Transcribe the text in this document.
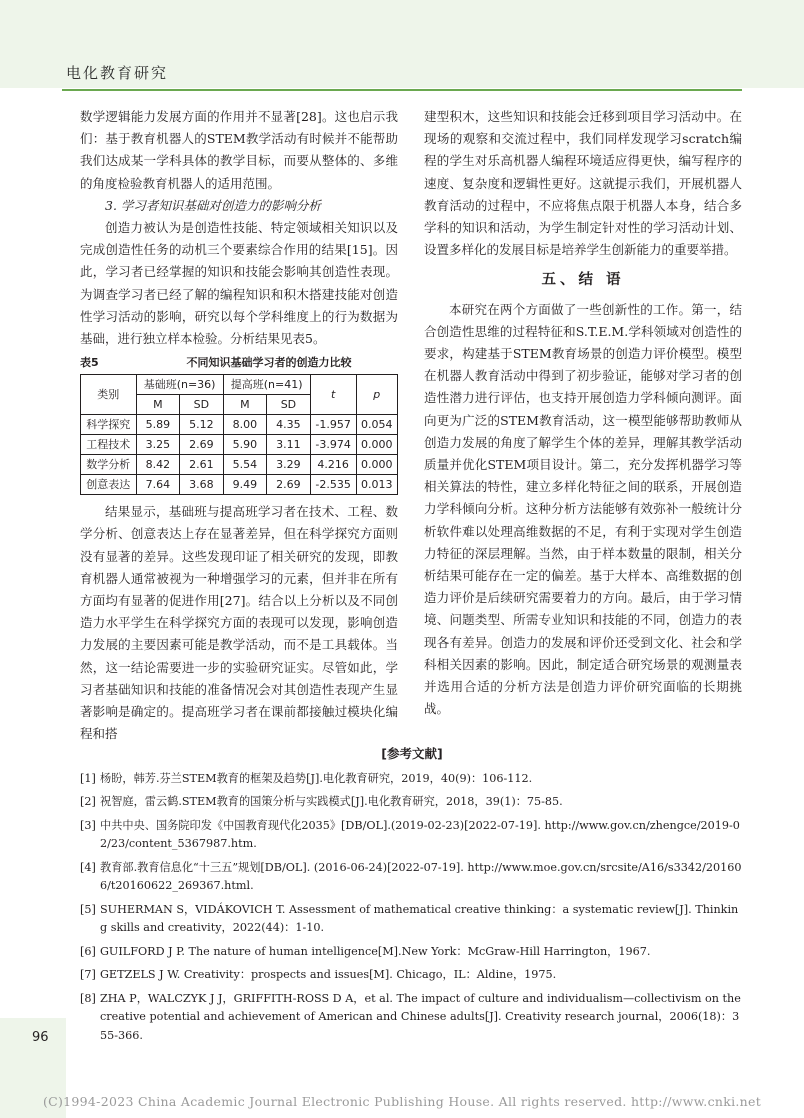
电化教育研究

数学逻辑能力发展方面的作用并不显著[28]。这也启示我们：基于教育机器人的STEM教学活动有时候并不能帮助我们达成某一学科具体的教学目标，而要从整体的、多维的角度检验教育机器人的适用范围。

3. 学习者知识基础对创造力的影响分析

创造力被认为是创造性技能、特定领域相关知识以及完成创造性任务的动机三个要素综合作用的结果[15]。因此，学习者已经掌握的知识和技能会影响其创造性表现。为调查学习者已经了解的编程知识和积木搭建技能对创造性学习活动的影响，研究以每个学科维度上的行为数据为基础，进行独立样本检验。分析结果见表5。

表5	不同知识基础学习者的创造力比较
类别	基础班(n=36)		提高班(n=41)		t	p
	M	SD	M	SD		
科学探究	5.89	5.12	8.00	4.35	-1.957	0.054
工程技术	3.25	2.69	5.90	3.11	-3.974	0.000
数学分析	8.42	2.61	5.54	3.29	4.216	0.000
创意表达	7.64	3.68	9.49	2.69	-2.535	0.013

结果显示，基础班与提高班学习者在技术、工程、数学分析、创意表达上存在显著差异，但在科学探究方面则没有显著的差异。这些发现印证了相关研究的发现，即教育机器人通常被视为一种增强学习的元素，但并非在所有方面均有显著的促进作用[27]。结合以上分析以及不同创造力水平学生在科学探究方面的表现可以发现，影响创造力发展的主要因素可能是教学活动，而不是工具载体。当然，这一结论需要进一步的实验研究证实。尽管如此，学习者基础知识和技能的准备情况会对其创造性表现产生显著影响是确定的。提高班学习者在课前都接触过模块化编程和搭

建型积木，这些知识和技能会迁移到项目学习活动中。在现场的观察和交流过程中，我们同样发现学习scratch编程的学生对乐高机器人编程环境适应得更快，编写程序的速度、复杂度和逻辑性更好。这就提示我们，开展机器人教育活动的过程中，不应将焦点限于机器人本身，结合多学科的知识和活动，为学生制定针对性的学习活动计划、设置多样化的发展目标是培养学生创新能力的重要举措。

五、结 语

本研究在两个方面做了一些创新性的工作。第一，结合创造性思维的过程特征和S.T.E.M.学科领域对创造性的要求，构建基于STEM教育场景的创造力评价模型。模型在机器人教育活动中得到了初步验证，能够对学习者的创造性潜力进行评估，也支持开展创造力学科倾向测评。面向更为广泛的STEM教育活动，这一模型能够帮助教师从创造力发展的角度了解学生个体的差异，理解其教学活动质量并优化STEM项目设计。第二，充分发挥机器学习等相关算法的特性，建立多样化特征之间的联系，开展创造力学科倾向分析。这种分析方法能够有效弥补一般统计分析软件难以处理高维数据的不足，有利于实现对学生创造力特征的深层理解。当然，由于样本数量的限制，相关分析结果可能存在一定的偏差。基于大样本、高维数据的创造力评价是后续研究需要着力的方向。最后，由于学习情境、问题类型、所需专业知识和技能的不同，创造力的表现各有差异。创造力的发展和评价还受到文化、社会和学科相关因素的影响。因此，制定适合研究场景的观测量表并选用合适的分析方法是创造力评价研究面临的长期挑战。

[参考文献]
[1] 杨盼，韩芳.芬兰STEM教育的框架及趋势[J].电化教育研究，2019，40(9)：106-112.
[2] 祝智庭，雷云鹤.STEM教育的国策分析与实践模式[J].电化教育研究，2018，39(1)：75-85.
[3] 中共中央、国务院印发《中国教育现代化2035》[DB/OL].(2019-02-23)[2022-07-19]. http://www.gov.cn/zhengce/2019-02/23/content_5367987.htm.
[4] 教育部.教育信息化“十三五”规划[DB/OL]. (2016-06-24)[2022-07-19]. http://www.moe.gov.cn/srcsite/A16/s3342/201606/t20160622_269367.html.
[5] SUHERMAN S，VIDÁKOVICH T. Assessment of mathematical creative thinking：a systematic review[J]. Thinking skills and creativity，2022(44)：1-10.
[6] GUILFORD J P. The nature of human intelligence[M].New York：McGraw-Hill Harrington，1967.
[7] GETZELS J W. Creativity：prospects and issues[M]. Chicago，IL：Aldine，1975.
[8] ZHA P，WALCZYK J J，GRIFFITH-ROSS D A，et al. The impact of culture and individualism—collectivism on the creative potential and achievement of American and Chinese adults[J]. Creativity research journal，2006(18)：355-366.
96
(C)1994-2023 China Academic Journal Electronic Publishing House. All rights reserved. http://www.cnki.net
